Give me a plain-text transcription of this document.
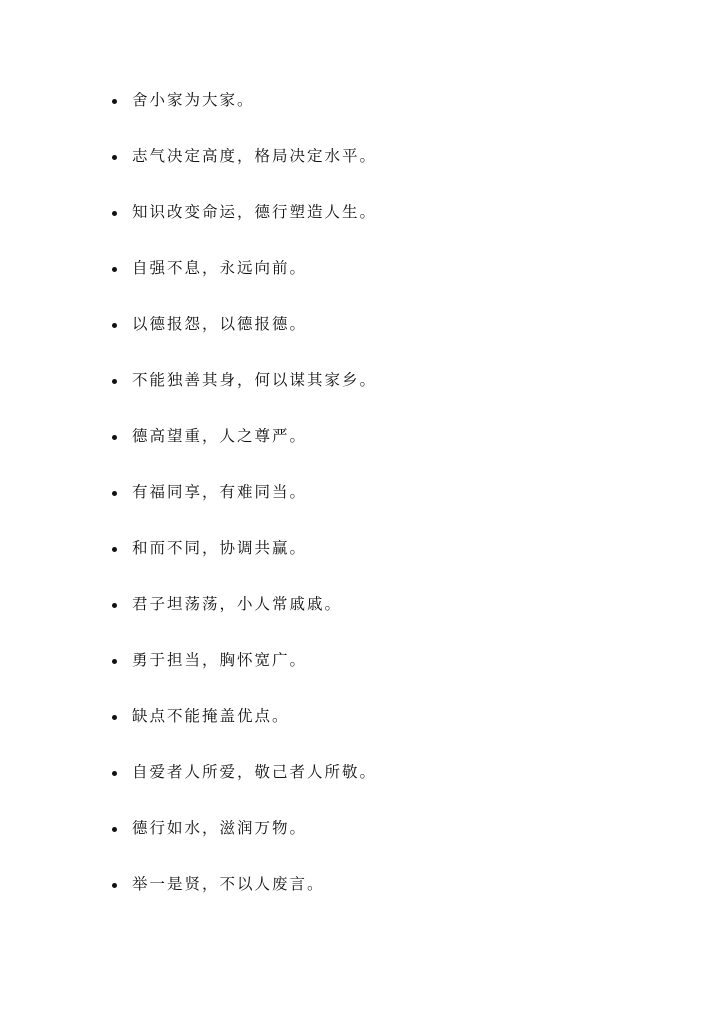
舍小家为大家。
志气决定高度，格局决定水平。
知识改变命运，德行塑造人生。
自强不息，永远向前。
以德报怨，以德报德。
不能独善其身，何以谋其家乡。
德高望重，人之尊严。
有福同享，有难同当。
和而不同，协调共赢。
君子坦荡荡，小人常戚戚。
勇于担当，胸怀宽广。
缺点不能掩盖优点。
自爱者人所爱，敬己者人所敬。
德行如水，滋润万物。
举一是贤，不以人废言。
